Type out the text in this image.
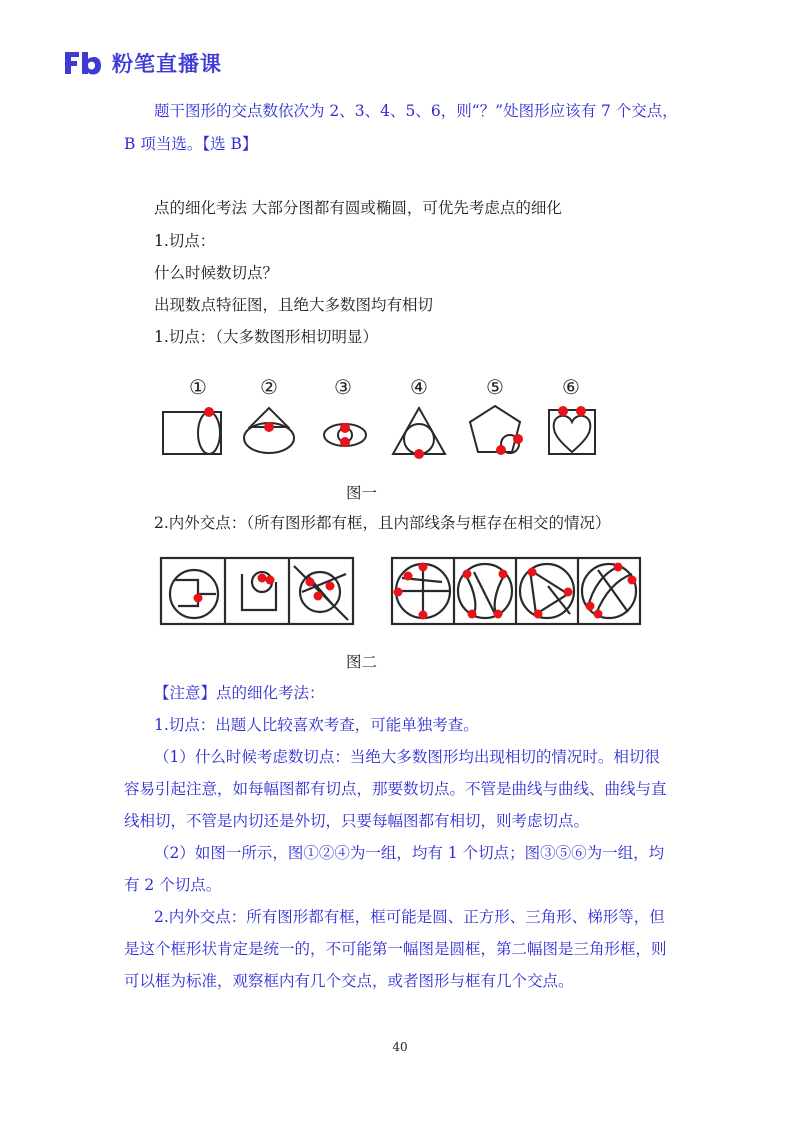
粉笔直播课
题干图形的交点数依次为 2、3、4、5、6，则“？”处图形应该有 7 个交点，
B 项当选。【选 B】
点的细化考法 大部分图都有圆或椭圆，可优先考虑点的细化
1.切点：
什么时候数切点？
出现数点特征图，且绝大多数图均有相切
1.切点：（大多数图形相切明显）
①	②	③	④	⑤	⑥
图一
2.内外交点：（所有图形都有框，且内部线条与框存在相交的情况）
图二
【注意】点的细化考法：
1.切点：出题人比较喜欢考查，可能单独考查。
（1）什么时候考虑数切点：当绝大多数图形均出现相切的情况时。相切很
容易引起注意，如每幅图都有切点，那要数切点。不管是曲线与曲线、曲线与直
线相切，不管是内切还是外切，只要每幅图都有相切，则考虑切点。
（2）如图一所示，图①②④为一组，均有 1 个切点；图③⑤⑥为一组，均
有 2 个切点。
2.内外交点：所有图形都有框，框可能是圆、正方形、三角形、梯形等，但
是这个框形状肯定是统一的，不可能第一幅图是圆框，第二幅图是三角形框，则
可以框为标准，观察框内有几个交点，或者图形与框有几个交点。
40
